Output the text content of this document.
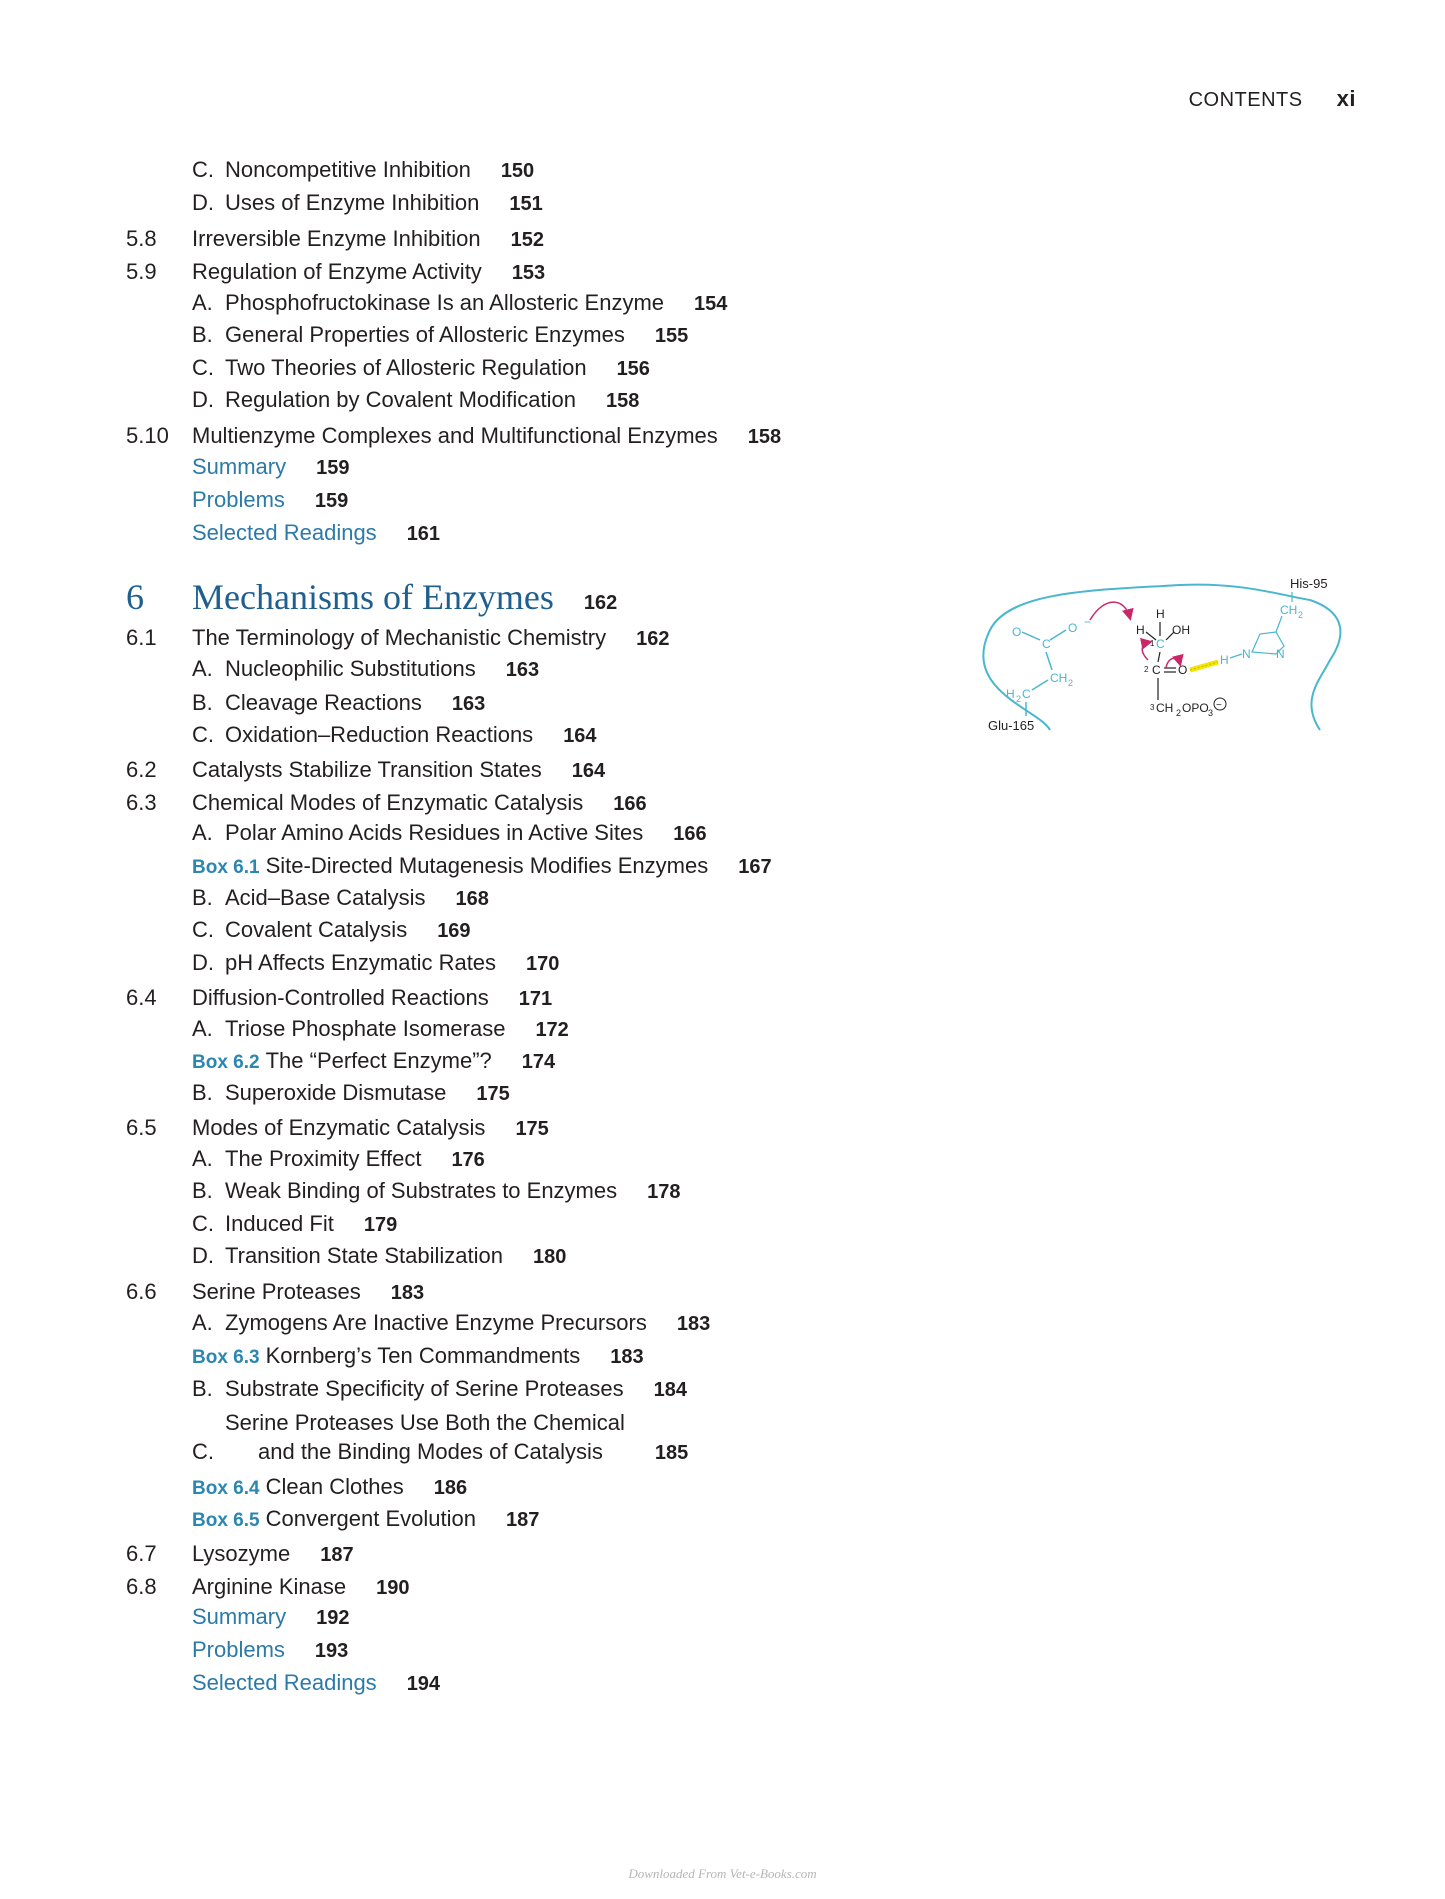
CONTENTS xi
C. Noncompetitive Inhibition 150
D. Uses of Enzyme Inhibition 151
5.8 Irreversible Enzyme Inhibition 152
5.9 Regulation of Enzyme Activity 153
A. Phosphofructokinase Is an Allosteric Enzyme 154
B. General Properties of Allosteric Enzymes 155
C. Two Theories of Allosteric Regulation 156
D. Regulation by Covalent Modification 158
5.10 Multienzyme Complexes and Multifunctional Enzymes 158
Summary 159
Problems 159
Selected Readings 161
6.1 The Terminology of Mechanistic Chemistry 162
A. Nucleophilic Substitutions 163
B. Cleavage Reactions 163
C. Oxidation–Reduction Reactions 164
6.2 Catalysts Stabilize Transition States 164
6.3 Chemical Modes of Enzymatic Catalysis 166
A. Polar Amino Acids Residues in Active Sites 166
Box 6.1 Site-Directed Mutagenesis Modifies Enzymes 167
B. Acid–Base Catalysis 168
C. Covalent Catalysis 169
D. pH Affects Enzymatic Rates 170
6.4 Diffusion-Controlled Reactions 171
A. Triose Phosphate Isomerase 172
Box 6.2 The “Perfect Enzyme”? 174
B. Superoxide Dismutase 175
6.5 Modes of Enzymatic Catalysis 175
A. The Proximity Effect 176
B. Weak Binding of Substrates to Enzymes 178
C. Induced Fit 179
D. Transition State Stabilization 180
6.6 Serine Proteases 183
A. Zymogens Are Inactive Enzyme Precursors 183
Box 6.3 Kornberg’s Ten Commandments 183
B. Substrate Specificity of Serine Proteases 184
C.Serine Proteases Use Both the Chemical
and the Binding Modes of Catalysis	185
Box 6.4 Clean Clothes 186
Box 6.5 Convergent Evolution 187
6.7 Lysozyme 187
6.8 Arginine Kinase 190
Summary 192
Problems 193
Selected Readings 194
6 Mechanisms of Enzymes 162
His-95
Glu-165
O
C
O −
CH 2
H 2 C
H
H
OH
1 C
2 C O
3 CH 2 OPO 3
−
H N N
CH 2
Downloaded From Vet-e-Books.com
